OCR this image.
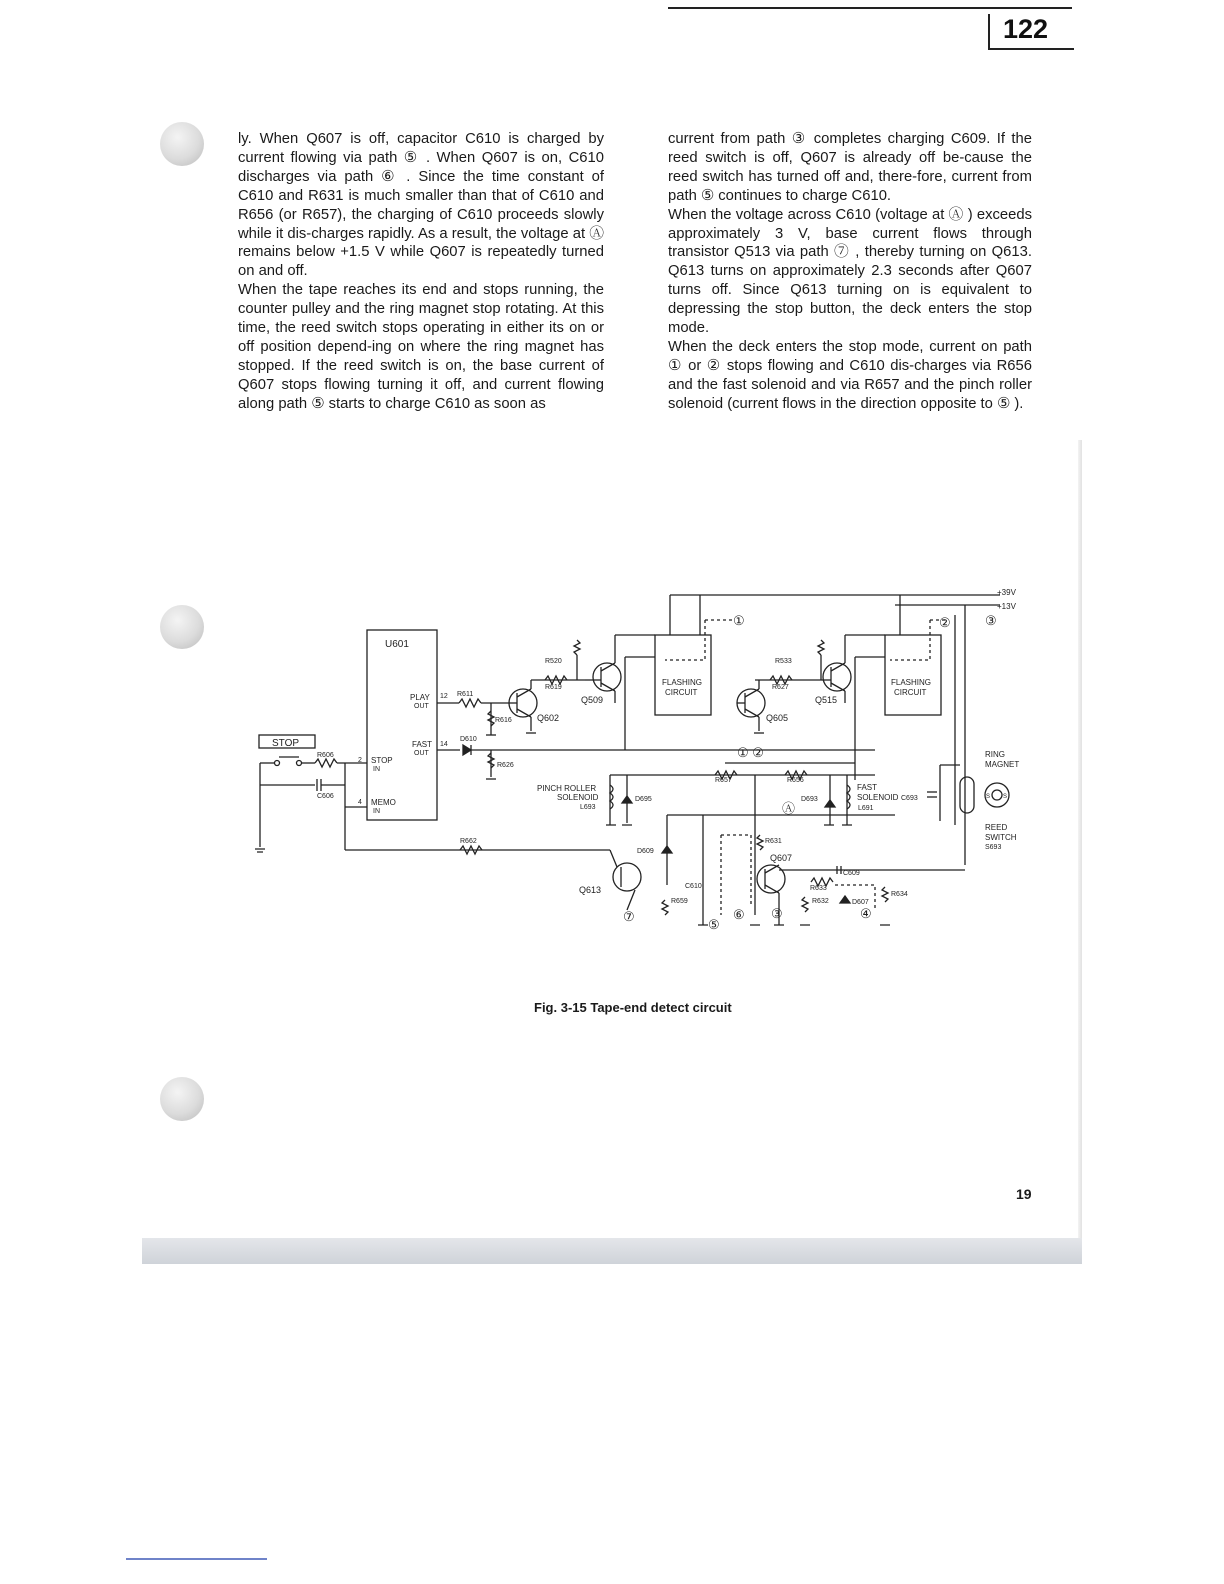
122

ly. When Q607 is off, capacitor C610 is charged by current flowing via path ⑤ . When Q607 is on, C610 discharges via path ⑥ . Since the time constant of C610 and R631 is much smaller than that of C610 and R656 (or R657), the charging of C610 proceeds slowly while it dis-charges rapidly. As a result, the voltage at Ⓐ remains below +1.5 V while Q607 is repeatedly turned on and off.

When the tape reaches its end and stops running, the counter pulley and the ring magnet stop rotating. At this time, the reed switch stops operating in either its on or off position depend-ing on where the ring magnet has stopped. If the reed switch is on, the base current of Q607 stops flowing turning it off, and current flowing along path ⑤ starts to charge C610 as soon as

current from path ③ completes charging C609. If the reed switch is off, Q607 is already off be-cause the reed switch has turned off and, there-fore, current from path ⑤ continues to charge C610.

When the voltage across C610 (voltage at Ⓐ ) exceeds approximately 3 V, base current flows through transistor Q513 via path ⑦ , thereby turning on Q613. Q613 turns on approximately 2.3 seconds after Q607 turns off. Since Q613 turning on is equivalent to depressing the stop button, the deck enters the stop mode.

When the deck enters the stop mode, current on path ① or ② stops flowing and C610 dis-charges via R656 and the fast solenoid and via R657 and the pinch roller solenoid (current flows in the direction opposite to ⑤ ).

+39V
+13V
U601
PLAY
OUT
12
FAST
OUT
14
STOP
IN
2
MEMO
IN
4
STOP
R606
C606
R611
R616	Q602
R619
R520
Q509
FLASHING
CIRCUIT
①
R533
R627
Q515
Q605
FLASHING
CIRCUIT
②	③
D610
R626
① ②
PINCH ROLLER
SOLENOID
L693
D695
R657	R656
Ⓐ
D693
FAST
SOLENOID
L691
C693
RING
MAGNET
S S
REED
SWITCH
S693
R662
Q613
⑦
D609
C610
R659
⑤
⑥
R631
Q607
③
C609
R633
R632	D607
R634
④
Fig. 3-15 Tape-end detect circuit
19
